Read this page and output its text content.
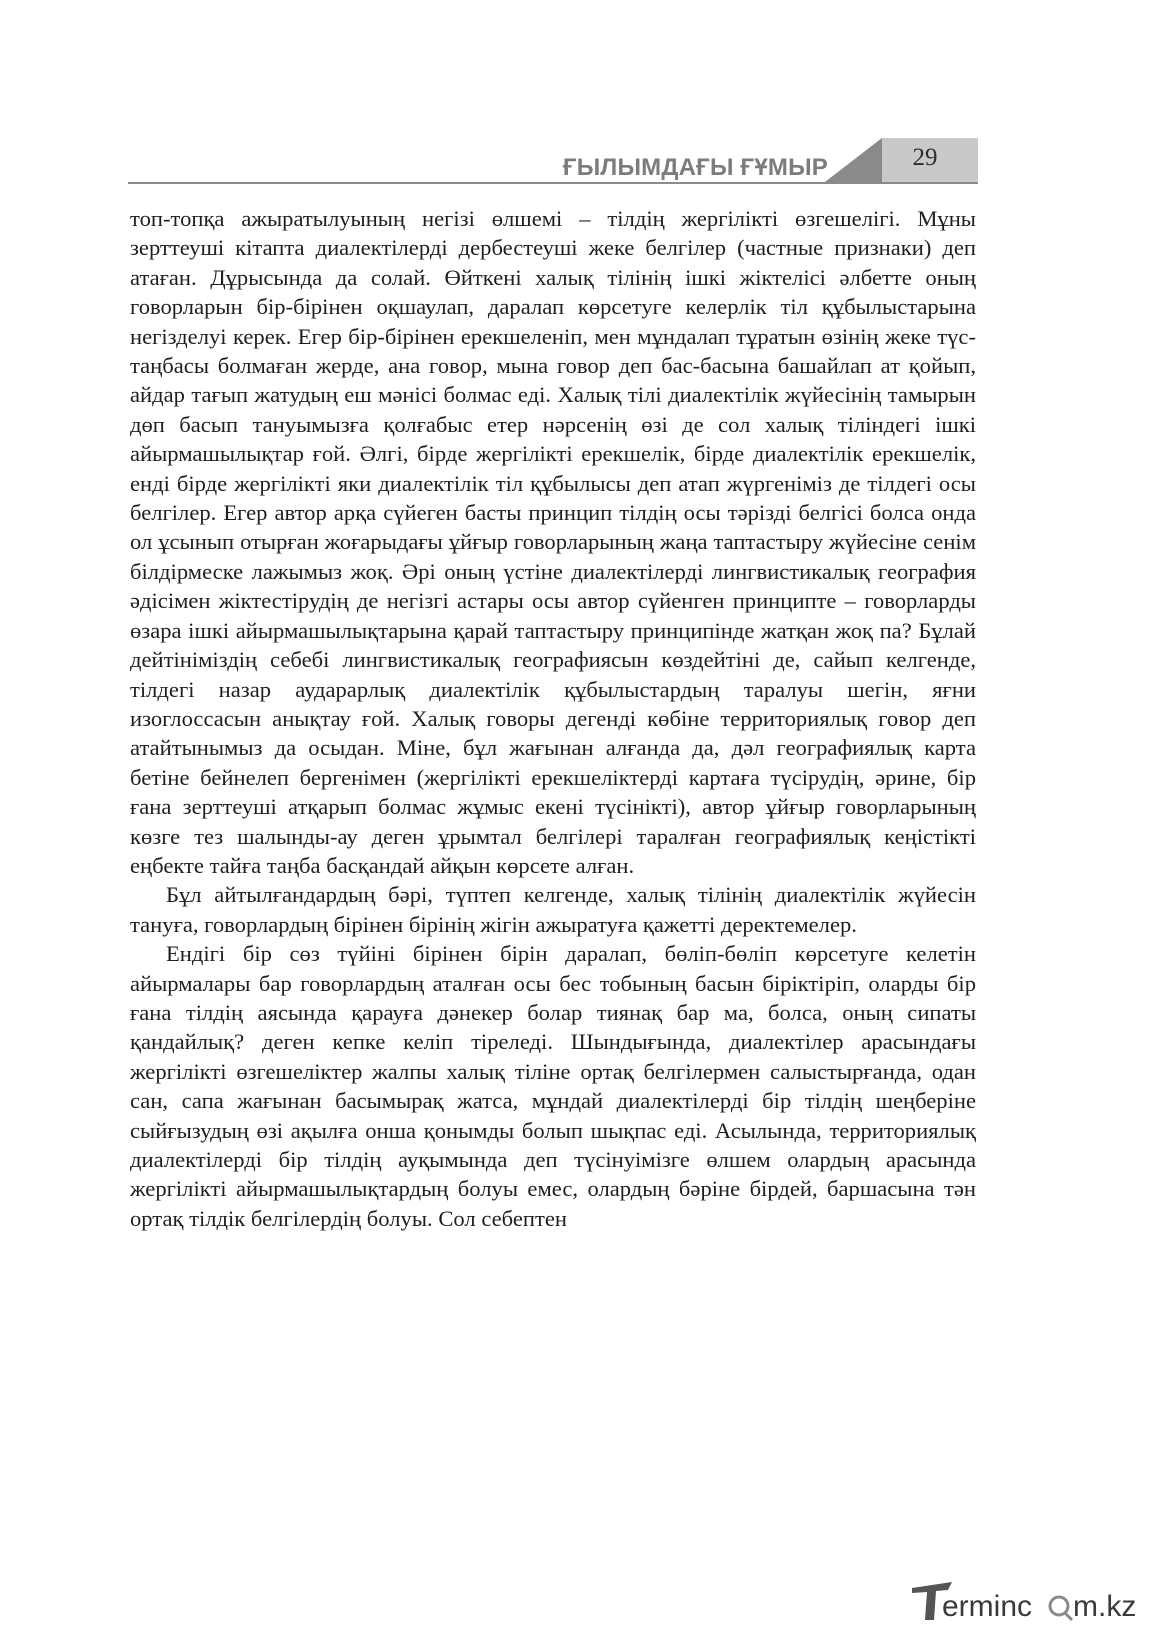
ҒЫЛЫМДАҒЫ ҒҰМЫР	29

топ-топқа ажыратылуының негізі өлшемі – тілдің жергілікті өзгешелігі. Мұны зерттеуші кітапта диалектілерді дербестеуші жеке белгілер (частные признаки) деп атаған. Дұрысында да солай. Өйткені халық тілінің ішкі жіктелісі әлбетте оның говорларын бір-бірінен оқшаулап, даралап көрсетуге келерлік тіл құбылыстарына негізделуі керек. Егер бір-бірінен ерекшеленіп, мен мұндалап тұратын өзінің жеке түс-таңбасы болмаған жерде, ана говор, мына говор деп бас-басына башайлап ат қойып, айдар тағып жатудың еш мәнісі болмас еді. Халық тілі диалектілік жүйесінің тамырын дөп басып тануымызға қолғабыс етер нәрсенің өзі де сол халық тіліндегі ішкі айырмашылықтар ғой. Әлгі, бірде жергілікті ерекшелік, бірде диалектілік ерекшелік, енді бірде жергілікті яки диалектілік тіл құбылысы деп атап жүргеніміз де тілдегі осы белгілер. Егер автор арқа сүйеген басты принцип тілдің осы тәрізді белгісі болса онда ол ұсынып отырған жоғарыдағы ұйғыр говорларының жаңа таптастыру жүйесіне сенім білдірмеске лажымыз жоқ. Әрі оның үстіне диалектілерді лингвистикалық география әдісімен жіктестірудің де негізгі астары осы автор сүйенген принципте – говорларды өзара ішкі айырмашылықтарына қарай таптастыру принципінде жатқан жоқ па? Бұлай дейтініміздің себебі лингвистикалық географиясын көздейтіні де, сайып келгенде, тілдегі назар аударарлық диалектілік құбылыстардың таралуы шегін, яғни изоглоссасын анықтау ғой. Халық говоры дегенді көбіне территориялық говор деп атайтынымыз да осыдан. Міне, бұл жағынан алғанда да, дәл географиялық карта бетіне бейнелеп бергенімен (жергілікті ерекшеліктерді картаға түсірудің, әрине, бір ғана зерттеуші атқарып болмас жұмыс екені түсінікті), автор ұйғыр говорларының көзге тез шалынды-ау деген ұрымтал белгілері таралған географиялық кеңістікті еңбекте тайға таңба басқандай айқын көрсете алған.

Бұл айтылғандардың бәрі, түптеп келгенде, халық тілінің диалектілік жүйесін тануға, говорлардың бірінен бірінің жігін ажыратуға қажетті деректемелер.

Ендігі бір сөз түйіні бірінен бірін даралап, бөліп-бөліп көрсетуге келетін айырмалары бар говорлардың аталған осы бес тобының басын біріктіріп, оларды бір ғана тілдің аясында қарауға дәнекер болар тиянақ бар ма, болса, оның сипаты қандайлық? деген кепке келіп тіреледі. Шындығында, диалектілер арасындағы жергілікті өзгешеліктер жалпы халық тіліне ортақ белгілермен салыстырғанда, одан сан, сапа жағынан басымырақ жатса, мұндай диалектілерді бір тілдің шеңберіне сыйғызудың өзі ақылға онша қонымды болып шықпас еді. Асылында, территориялық диалектілерді бір тілдің ауқымында деп түсінуімізге өлшем олардың арасында жергілікті айырмашылықтардың болуы емес, олардың бәріне бірдей, баршасына тән ортақ тілдік белгілердің болуы. Сол себептен

erminc m.kz
